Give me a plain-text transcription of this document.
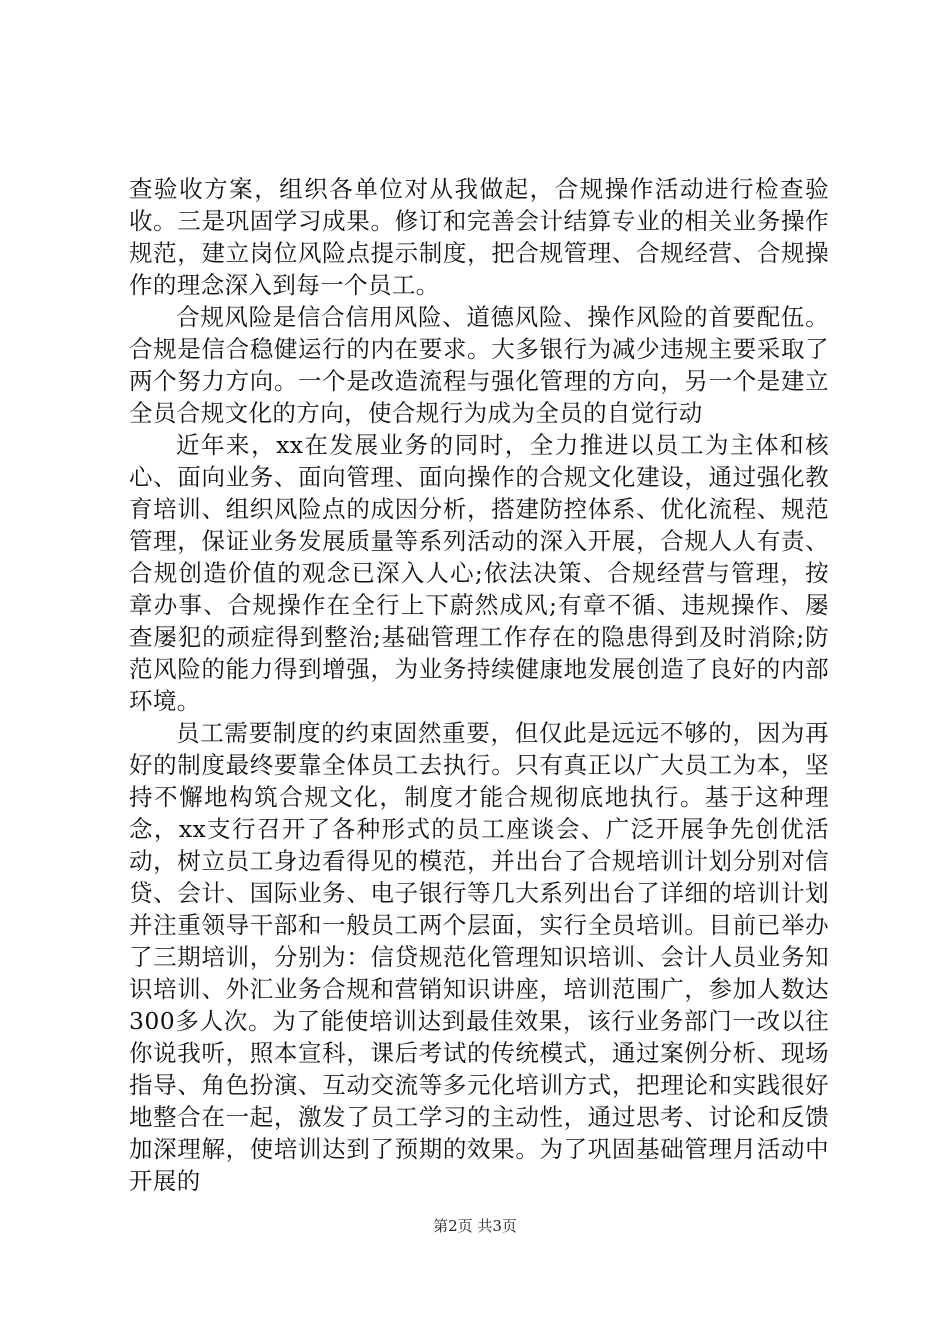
查验收方案，组织各单位对从我做起，合规操作活动进行检查验收。三是巩固学习成果。修订和完善会计结算专业的相关业务操作规范，建立岗位风险点提示制度，把合规管理、合规经营、合规操作的理念深入到每一个员工。

合规风险是信合信用风险、道德风险、操作风险的首要配伍。合规是信合稳健运行的内在要求。大多银行为减少违规主要采取了两个努力方向。一个是改造流程与强化管理的方向，另一个是建立全员合规文化的方向，使合规行为成为全员的自觉行动

近年来，xx在发展业务的同时，全力推进以员工为主体和核心、面向业务、面向管理、面向操作的合规文化建设，通过强化教育培训、组织风险点的成因分析，搭建防控体系、优化流程、规范管理，保证业务发展质量等系列活动的深入开展，合规人人有责、合规创造价值的观念已深入人心;依法决策、合规经营与管理，按章办事、合规操作在全行上下蔚然成风;有章不循、违规操作、屡查屡犯的顽症得到整治;基础管理工作存在的隐患得到及时消除;防范风险的能力得到增强，为业务持续健康地发展创造了良好的内部环境。

员工需要制度的约束固然重要，但仅此是远远不够的，因为再好的制度最终要靠全体员工去执行。只有真正以广大员工为本，坚持不懈地构筑合规文化，制度才能合规彻底地执行。基于这种理念，xx支行召开了各种形式的员工座谈会、广泛开展争先创优活动，树立员工身边看得见的模范，并出台了合规培训计划分别对信贷、会计、国际业务、电子银行等几大系列出台了详细的培训计划并注重领导干部和一般员工两个层面，实行全员培训。目前已举办了三期培训，分别为：信贷规范化管理知识培训、会计人员业务知识培训、外汇业务合规和营销知识讲座，培训范围广，参加人数达300多人次。为了能使培训达到最佳效果，该行业务部门一改以往你说我听，照本宣科，课后考试的传统模式，通过案例分析、现场指导、角色扮演、互动交流等多元化培训方式，把理论和实践很好地整合在一起，激发了员工学习的主动性，通过思考、讨论和反馈加深理解，使培训达到了预期的效果。为了巩固基础管理月活动中开展的

第2页 共3页
